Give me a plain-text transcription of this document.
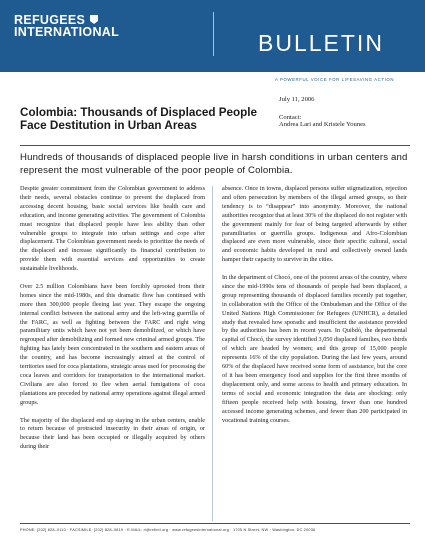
REFUGEES
INTERNATIONAL	BULLETIN
A POWERFUL VOICE FOR LIFESAVING ACTION
July 11, 2006
Contact:
Andrea Lari and Kristele Younes
Colombia: Thousands of Displaced People Face Destitution in Urban Areas
Hundreds of thousands of displaced people live in harsh conditions in urban centers and represent the most vulnerable of the poor people of Colombia.

Despite greater commitment from the Colombian government to address their needs, several obstacles continue to prevent the displaced from accessing decent housing, basic social services like health care and education, and income generating activities. The government of Colombia must recognize that displaced people have less ability than other vulnerable groups to integrate into urban settings and cope after displacement. The Colombian government needs to prioritize the needs of the displaced and increase significantly its financial contribution to provide them with essential services and opportunities to create sustainable livelihoods.

Over 2.5 million Colombians have been forcibly uprooted from their homes since the mid-1980s, and this dramatic flow has continued with more then 300,000 people fleeing last year. They escape the ongoing internal conflict between the national army and the left-wing guerrilla of the FARC, as well as fighting between the FARC and right wing paramilitary units which have not yet been demobilized, or which have regrouped after demobilizing and formed new criminal armed groups. The fighting has lately been concentrated in the southern and eastern areas of the country, and has become increasingly aimed at the control of territories used for coca plantations, strategic areas used for processing the coca leaves and corridors for transportation to the international market. Civilians are also forced to flee when aerial fumigations of coca plantations are preceded by national army operations against illegal armed groups.

The majority of the displaced end up staying in the urban centers, unable to return because of protracted insecurity in their areas of origin, or because their land has been occupied or illegally acquired by others during their

absence. Once in towns, displaced persons suffer stigmatization, rejection and often persecution by members of the illegal armed groups, so their tendency is to “disappear” into anonymity. Moreover, the national authorities recognize that at least 30% of the displaced do not register with the government mainly for fear of being targeted afterwards by either paramilitaries or guerrilla groups. Indigenous and Afro-Colombian displaced are even more vulnerable, since their specific cultural, social and economic habits developed in rural and collectively owned lands hamper their capacity to survive in the cities.

In the department of Chocó, one of the poorest areas of the country, where since the mid-1990s tens of thousands of people had been displaced, a group representing thousands of displaced families recently put together, in collaboration with the Office of the Ombudsman and the Office of the United Nations High Commissioner for Refugees (UNHCR), a detailed study that revealed how sporadic and insufficient the assistance provided by the authorities has been in recent years. In Quibdó, the departmental capital of Chocó, the survey identified 3,050 displaced families, two thirds of which are headed by women; and this group of 15,000 people represents 16% of the city population. During the last few years, around 60% of the displaced have received some form of assistance, but the core of it has been emergency food and supplies for the first three months of displacement only, and some access to health and primary education. In terms of social and economic integration the data are shocking: only fifteen people received help with housing, fewer than one hundred accessed income generating schemes, and fewer than 200 participated in vocational training courses.

PHONE: [202] 828–0110 · FACSIMILE: [202] 828–0819 · E-MAIL: ri@refintl.org · www.refugeesinternational.org · 1705 N Street, NW · Washington, DC 20036
